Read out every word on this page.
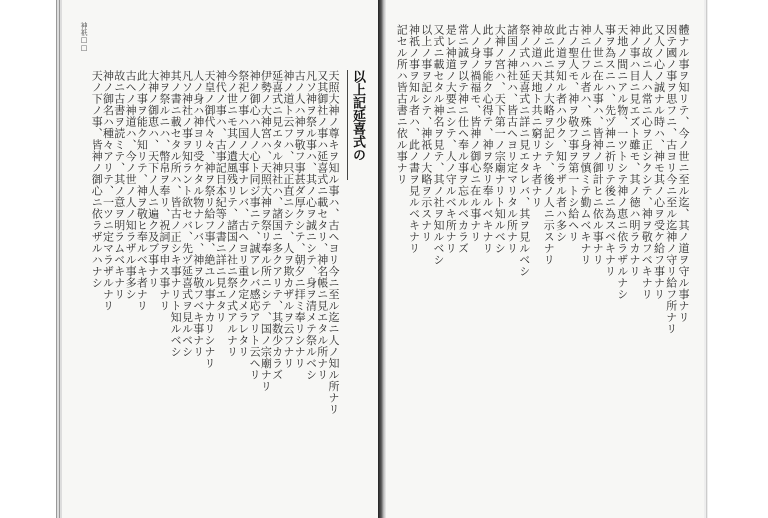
神祇□□
以上記延喜式の
天照大神ノ尊キヲ知ル事ハ、古ヘヨリ今ニ至ル迄ニ人ノ知ル所ナリ
又其御社ノ事ハ延喜式ニ載セタリ、神名帳ニ見エタル所ナリ
凡ソ神ヲ祭ル事ハ、其ノ心ヲ誠ニシテ、身ヲ清メテ祭ルベシ
古ノ人ハ神ヲ敬フ事甚ダ厚クシテ、朝夕ニ拝ミ奉リシナリ
神ノ道ト云フハ、只正直ニシテ、人ヲ欺カザルヲ云フナリ
延喜式ニ見エタル神社ハ、諸国ニ多クアリテ、其数少カラズ
伊勢ノ大神宮ハ、天照大神ヲ祭リ奉ル所ニシテ、国ノ宗廟ナリ
神ノ御心ハ人ノ心ト同ジ事ニテ、誠アレバ感応アリト云ヘリ
祭祀ノ事ハ国ノ大事ナレバ、古ヘヨリ重ク定メラレタリ
今ノ世ニモ其ノ遺風残リテ、諸国ノ社ニ祭ノ式アルナリ
神代ノ事ハ、古事記日本紀等ノ書ニ詳ニ見エタリ
天皇ノ御代々々、神ヲ祭リ給フ事、絶ユル事ナカリシナリ
人ノ身ハ神ヨリ受ケタル物ナレバ、神ヲ敬フベキ事ナリ
凡ソ神社ノ事ヲ知ラント欲セバ、先ヅ延喜式ヲ見ルベシ
其ノ書ニ載セタル所ハ、皆古ノ正シキ事ナリト知ルベシ
神ヲ祭ルニハ、幣帛ヲ奉リ、祝詞ヲ申ス事ナリ
大神ノ御恵ハ、天下ノ人ニ遍ク及ブ事ナリ
此ノ事ヲ能ク知リテ、神ヲ敬ヒ奉ルベキ者ナリ
古ヘノ神道ハ、今ノ世ノ人ノ知ラザル事多シ
故ニ古書ヲ読ミテ、其ノ意ヲ明ラムベキナリ
神ノ御名ハ種々アリテ、一ツニ定マラザルナリ
天ノ下ノ事、皆神ノ御心ニ依ラザルハナシ	體ナル事ヲ知リテ、今ノ世ニ至ル迄、其ノ道ヲ守ル事ナリ
因テ國ノ事ヲ思フニ、古ヨリ今ニ至ル迄神ノ守リ給フ所ナリ
又人ノ心ノ誠ナル時ハ、神モ其ノ心ヲ受ケ給フ事ナリ
此ノ故ニ人ハ常ニ心ヲ正シクシテ、神ヲ敬フベキナリ
神ノ事ハ目ニ見エズト雖モ、其ノ徳ハ明ラカナリ
天地ノ間ニアル物、一ツトシテ神ノ恵ニ依ラザルナシ
事ヲ為スニハ、先ヅ神ニ祈リテ後ニ為スベキナリ
人ノ世ニ在ル事ハ、皆神ノ御計ヒニ依ル事ナリ
神ニ仕フル者ハ、殊ニ身ヲ慎ミテ勤ムベキナリ
古ノ聖人モ、神ヲ敬フ事ヲ第一トシ給ヘリ
此ノ道ヲ知ル者ハ少ク、知ラザル者ハ多シ
故ニ此ニ其ノ大略ヲ記シテ、後ノ人ニ示スナリ
神ノ道ハ天地ト共ニ窮リナキ者ナリ
祭ノ式ハ延喜式ニ詳ニ見エタレバ、其ヲ見ルベシ
諸国ノ神社ハ、皆古ヘヨリ定マリタル所ナリ
大神ノ宮ハ、天下第一ノ宗廟ナリト知ルベシ
此ノ事ヲ能ク心得テ、神ヲ祭リ奉ルベキナリ
人ノ身ノ禍福モ、皆神ノ御心ニ在ル事ナリ
常ニ誠ヲ以テ神ニ仕ヘ奉ル事ヲ忘ルベカラズ
是レ神道ノ大要ニシテ、人ノ守ルベキ所ナリ
又式ニ載セタル神名ヲ見テ、其ノ社ヲ知ルベシ
以上ノ事ヲ記シテ、神祇ノ大略ヲ示スナリ
神祇ノ事ヲ知ル者ハ、此ノ書ヲ見ルベキナリ
記セル所ハ皆古書ニ依ル事ナリ
